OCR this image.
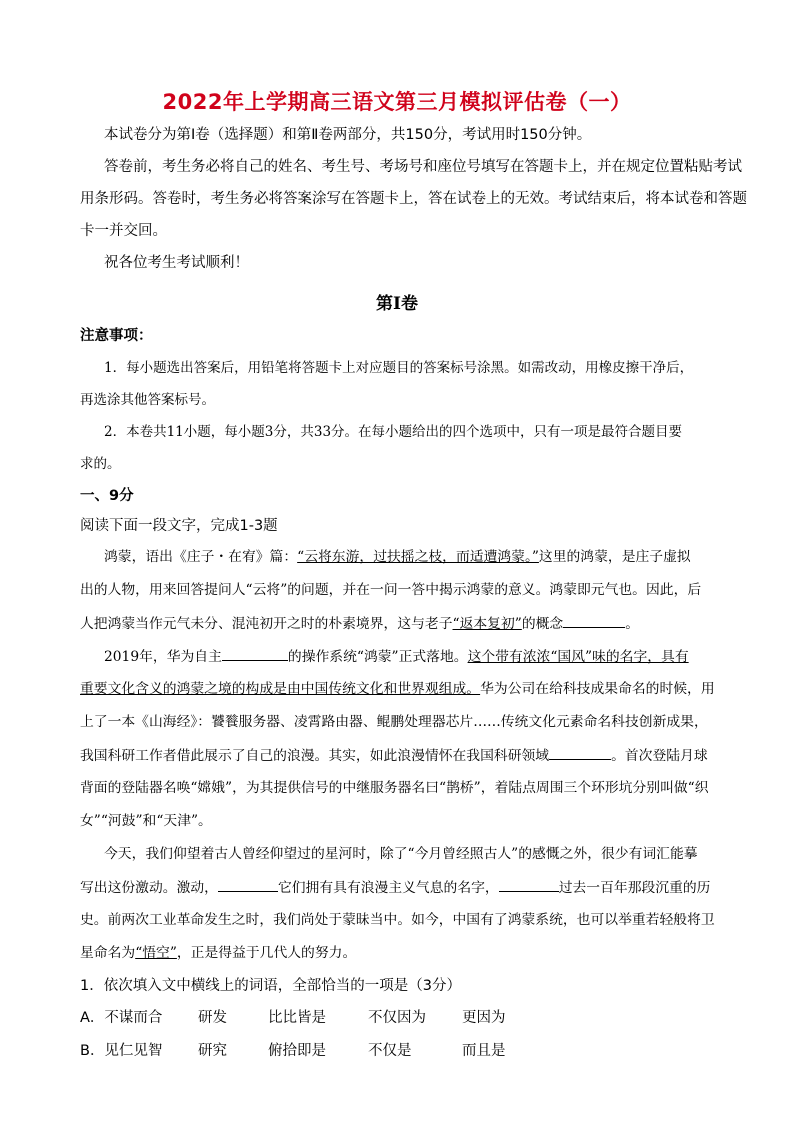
2022年上学期高三语文第三月模拟评估卷（一）
本试卷分为第Ⅰ卷（选择题）和第Ⅱ卷两部分，共150分，考试用时150分钟。
答卷前，考生务必将自己的姓名、考生号、考场号和座位号填写在答题卡上，并在规定位置粘贴考试
用条形码。答卷时，考生务必将答案涂写在答题卡上，答在试卷上的无效。考试结束后，将本试卷和答题
卡一并交回。
祝各位考生考试顺利！
第Ⅰ卷
注意事项：
1．每小题选出答案后，用铅笔将答题卡上对应题目的答案标号涂黑。如需改动，用橡皮擦干净后，
再选涂其他答案标号。
2．本卷共11小题，每小题3分，共33分。在每小题给出的四个选项中，只有一项是最符合题目要
求的。
一、9分
阅读下面一段文字，完成1-3题
鸿蒙，语出《庄子・在宥》篇：“云将东游，过扶摇之枝，而适遭鸿蒙。”这里的鸿蒙，是庄子虚拟
出的人物，用来回答提问人“云将”的问题，并在一问一答中揭示鸿蒙的意义。鸿蒙即元气也。因此，后
人把鸿蒙当作元气未分、混沌初开之时的朴素境界，这与老子“返本复初”的概念	。
2019年，华为自主	的操作系统“鸿蒙”正式落地。这个带有浓浓“国风”味的名字，具有
重要文化含义的鸿蒙之境的构成是由中国传统文化和世界观组成。华为公司在给科技成果命名的时候，用
上了一本《山海经》：饕餮服务器、凌霄路由器、鲲鹏处理器芯片……传统文化元素命名科技创新成果，
我国科研工作者借此展示了自己的浪漫。其实，如此浪漫情怀在我国科研领域	。首次登陆月球
背面的登陆器名唤“嫦娥”，为其提供信号的中继服务器名曰“鹊桥”，着陆点周围三个环形坑分别叫做“织
女”“河鼓”和“天津”。
今天，我们仰望着古人曾经仰望过的星河时，除了“今月曾经照古人”的感慨之外，很少有词汇能摹
写出这份激动。激动，	它们拥有具有浪漫主义气息的名字，	过去一百年那段沉重的历
史。前两次工业革命发生之时，我们尚处于蒙昧当中。如今，中国有了鸿蒙系统，也可以举重若轻般将卫
星命名为“悟空”，正是得益于几代人的努力。
1．依次填入文中横线上的词语，全部恰当的一项是（3分）
A．不谋而合 研发	比比皆是	不仅因为 更因为
B．见仁见智 研究	俯拾即是	不仅是	而且是
